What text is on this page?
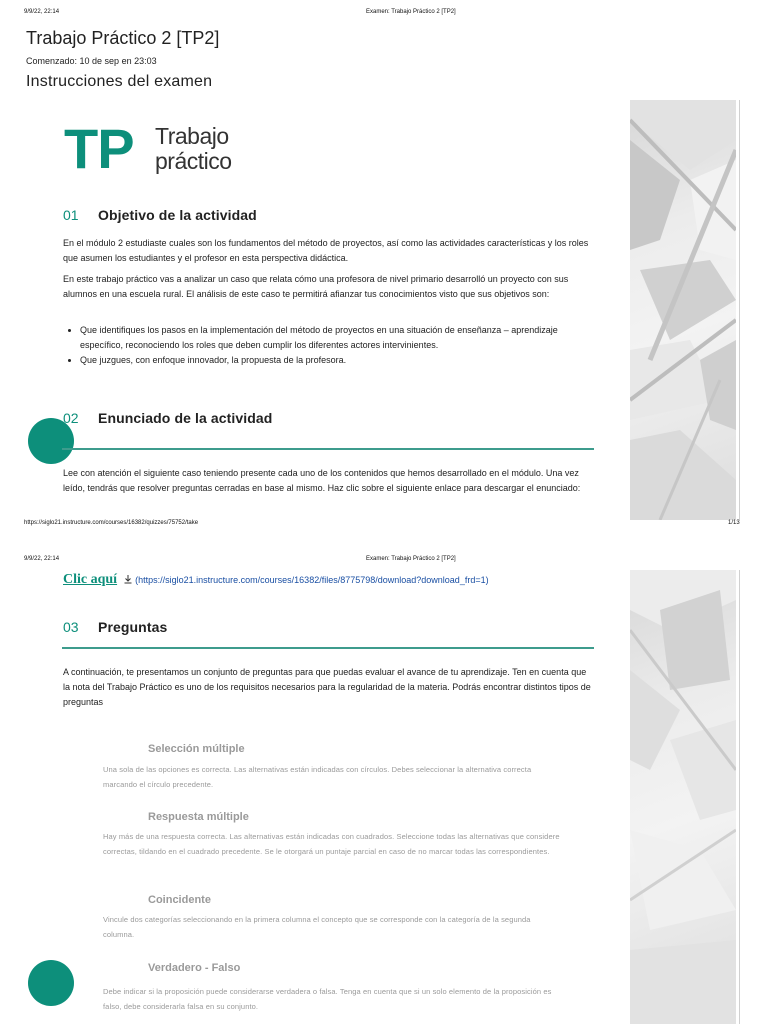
9/9/22, 22:14	Examen: Trabajo Práctico 2 [TP2]
Trabajo Práctico 2 [TP2]
Comenzado: 10 de sep en 23:03
Instrucciones del examen
TP Trabajo
práctico
01 Objetivo de la actividad
En el módulo 2 estudiaste cuales son los fundamentos del método de proyectos, así como las actividades características y los roles que asumen los estudiantes y el profesor en esta perspectiva didáctica.
En este trabajo práctico vas a analizar un caso que relata cómo una profesora de nivel primario desarrolló un proyecto con sus alumnos en una escuela rural. El análisis de este caso te permitirá afianzar tus conocimientos visto que sus objetivos son:
• Que identifiques los pasos en la implementación del método de proyectos en una situación de enseñanza – aprendizaje específico, reconociendo los roles que deben cumplir los diferentes actores intervinientes.
• Que juzgues, con enfoque innovador, la propuesta de la profesora.
02 Enunciado de la actividad
Lee con atención el siguiente caso teniendo presente cada uno de los contenidos que hemos desarrollado en el módulo. Una vez leído, tendrás que resolver preguntas cerradas en base al mismo. Haz clic sobre el siguiente enlace para descargar el enunciado:
https://siglo21.instructure.com/courses/16382/quizzes/75752/take	1/13
9/9/22, 22:14	Examen: Trabajo Práctico 2 [TP2]
Clic aquí (https://siglo21.instructure.com/courses/16382/files/8775798/download?download_frd=1)
03 Preguntas
A continuación, te presentamos un conjunto de preguntas para que puedas evaluar el avance de tu aprendizaje. Ten en cuenta que la nota del Trabajo Práctico es uno de los requisitos necesarios para la regularidad de la materia. Podrás encontrar distintos tipos de preguntas
Selección múltiple
Una sola de las opciones es correcta. Las alternativas están indicadas con círculos. Debes seleccionar la alternativa correcta marcando el círculo precedente.
Respuesta múltiple
Hay más de una respuesta correcta. Las alternativas están indicadas con cuadrados. Seleccione todas las alternativas que considere correctas, tildando en el cuadrado precedente. Se le otorgará un puntaje parcial en caso de no marcar todas las correspondientes.
Coincidente
Vincule dos categorías seleccionando en la primera columna el concepto que se corresponde con la categoría de la segunda columna.
Verdadero - Falso
Debe indicar si la proposición puede considerarse verdadera o falsa. Tenga en cuenta que si un solo elemento de la proposición es falso, debe considerarla falsa en su conjunto.
